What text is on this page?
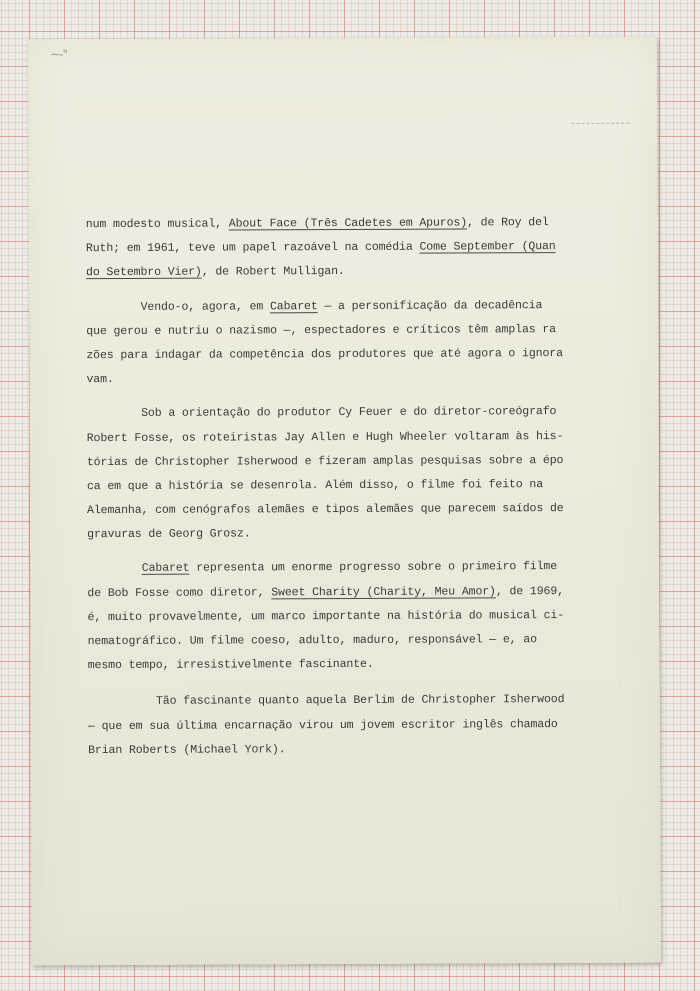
~-"
num modesto musical, About Face (Três Cadetes em Apuros), de Roy del
Ruth; em 1961, teve um papel razoável na comédia Come September (Quan
do Setembro Vier), de Robert Mulligan.
Vendo-o, agora, em Cabaret — a personificação da decadência
que gerou e nutriu o nazismo —, espectadores e críticos têm amplas ra
zões para indagar da competência dos produtores que até agora o ignora
vam.
Sob a orientação do produtor Cy Feuer e do diretor-coreógrafo
Robert Fosse, os roteiristas Jay Allen e Hugh Wheeler voltaram às his-
tórias de Christopher Isherwood e fizeram amplas pesquisas sobre a épo
ca em que a história se desenrola. Além disso, o filme foi feito na
Alemanha, com cenógrafos alemães e tipos alemães que parecem saídos de
gravuras de Georg Grosz.
Cabaret representa um enorme progresso sobre o primeiro filme
de Bob Fosse como diretor, Sweet Charity (Charity, Meu Amor), de 1969,
é, muito provavelmente, um marco importante na história do musical ci-
nematográfico. Um filme coeso, adulto, maduro, responsável — e, ao
mesmo tempo, irresistivelmente fascinante.
Tão fascinante quanto aquela Berlim de Christopher Isherwood
— que em sua última encarnação virou um jovem escritor inglês chamado
Brian Roberts (Michael York).
